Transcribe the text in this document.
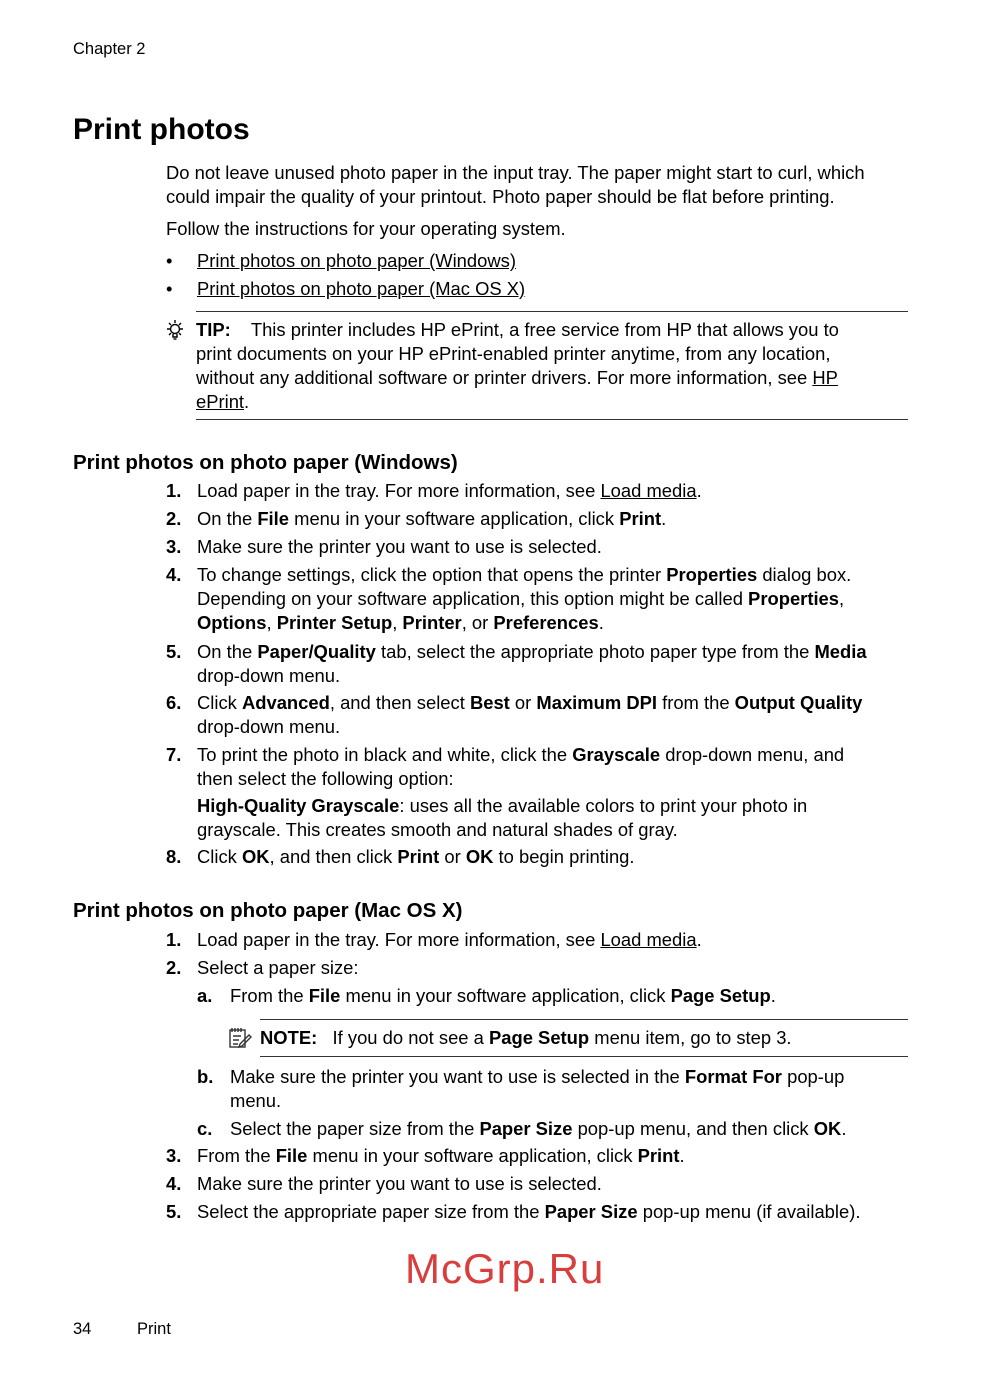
Chapter 2
Print photos
Do not leave unused photo paper in the input tray. The paper might start to curl, which
could impair the quality of your printout. Photo paper should be flat before printing.
Follow the instructions for your operating system.
• Print photos on photo paper (Windows)
• Print photos on photo paper (Mac OS X)
TIP:    This printer includes HP ePrint, a free service from HP that allows you to
print documents on your HP ePrint-enabled printer anytime, from any location,
without any additional software or printer drivers. For more information, see HP
ePrint.
Print photos on photo paper (Windows)
1. Load paper in the tray. For more information, see Load media.
2. On the File menu in your software application, click Print.
3. Make sure the printer you want to use is selected.
4. To change settings, click the option that opens the printer Properties dialog box.
Depending on your software application, this option might be called Properties,
Options, Printer Setup, Printer, or Preferences.
5. On the Paper/Quality tab, select the appropriate photo paper type from the Media
drop-down menu.
6. Click Advanced, and then select Best or Maximum DPI from the Output Quality
drop-down menu.
7. To print the photo in black and white, click the Grayscale drop-down menu, and
then select the following option:
High-Quality Grayscale: uses all the available colors to print your photo in
grayscale. This creates smooth and natural shades of gray.
8. Click OK, and then click Print or OK to begin printing.
Print photos on photo paper (Mac OS X)
1. Load paper in the tray. For more information, see Load media.
2. Select a paper size:
a. From the File menu in your software application, click Page Setup.
NOTE:   If you do not see a Page Setup menu item, go to step 3.
b. Make sure the printer you want to use is selected in the Format For pop-up
menu.
c. Select the paper size from the Paper Size pop-up menu, and then click OK.
3. From the File menu in your software application, click Print.
4. Make sure the printer you want to use is selected.
5. Select the appropriate paper size from the Paper Size pop-up menu (if available).
McGrp.Ru
34	Print
